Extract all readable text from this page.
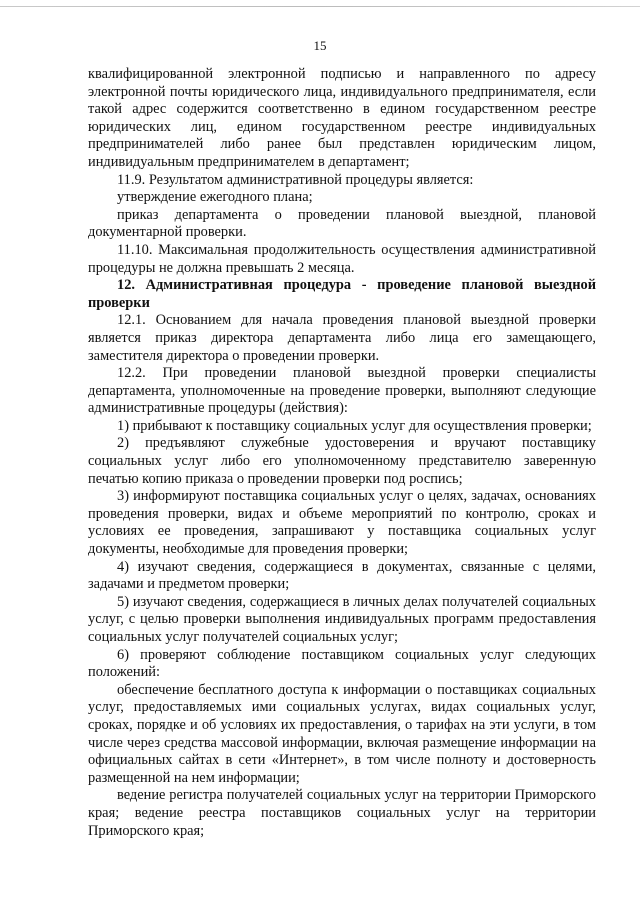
15

квалифицированной электронной подписью и направленного по адресу электронной почты юридического лица, индивидуального предпринимателя, если такой адрес содержится соответственно в едином государственном реестре юридических лиц, едином государственном реестре индивидуальных предпринимателей либо ранее был представлен юридическим лицом, индивидуальным предпринимателем в департамент;

11.9. Результатом административной процедуры является:

утверждение ежегодного плана;

приказ департамента о проведении плановой выездной, плановой документарной проверки.

11.10. Максимальная продолжительность осуществления административной процедуры не должна превышать 2 месяца.

12. Административная процедура - проведение плановой выездной проверки

12.1. Основанием для начала проведения плановой выездной проверки является приказ директора департамента либо лица его замещающего, заместителя директора о проведении проверки.

12.2. При проведении плановой выездной проверки специалисты департамента, уполномоченные на проведение проверки, выполняют следующие административные процедуры (действия):

1) прибывают к поставщику социальных услуг для осуществления проверки;

2) предъявляют служебные удостоверения и вручают поставщику социальных услуг либо его уполномоченному представителю заверенную печатью копию приказа о проведении проверки под роспись;

3) информируют поставщика социальных услуг о целях, задачах, основаниях проведения проверки, видах и объеме мероприятий по контролю, сроках и условиях ее проведения, запрашивают у поставщика социальных услуг документы, необходимые для проведения проверки;

4) изучают сведения, содержащиеся в документах, связанные с целями, задачами и предметом проверки;

5) изучают сведения, содержащиеся в личных делах получателей социальных услуг, с целью проверки выполнения индивидуальных программ предоставления социальных услуг получателей социальных услуг;

6) проверяют соблюдение поставщиком социальных услуг следующих положений:

обеспечение бесплатного доступа к информации о поставщиках социальных услуг, предоставляемых ими социальных услугах, видах социальных услуг, сроках, порядке и об условиях их предоставления, о тарифах на эти услуги, в том числе через средства массовой информации, включая размещение информации на официальных сайтах в сети «Интернет», в том числе полноту и достоверность размещенной на нем информации;

ведение регистра получателей социальных услуг на территории Приморского края; ведение реестра поставщиков социальных услуг на территории Приморского края;
